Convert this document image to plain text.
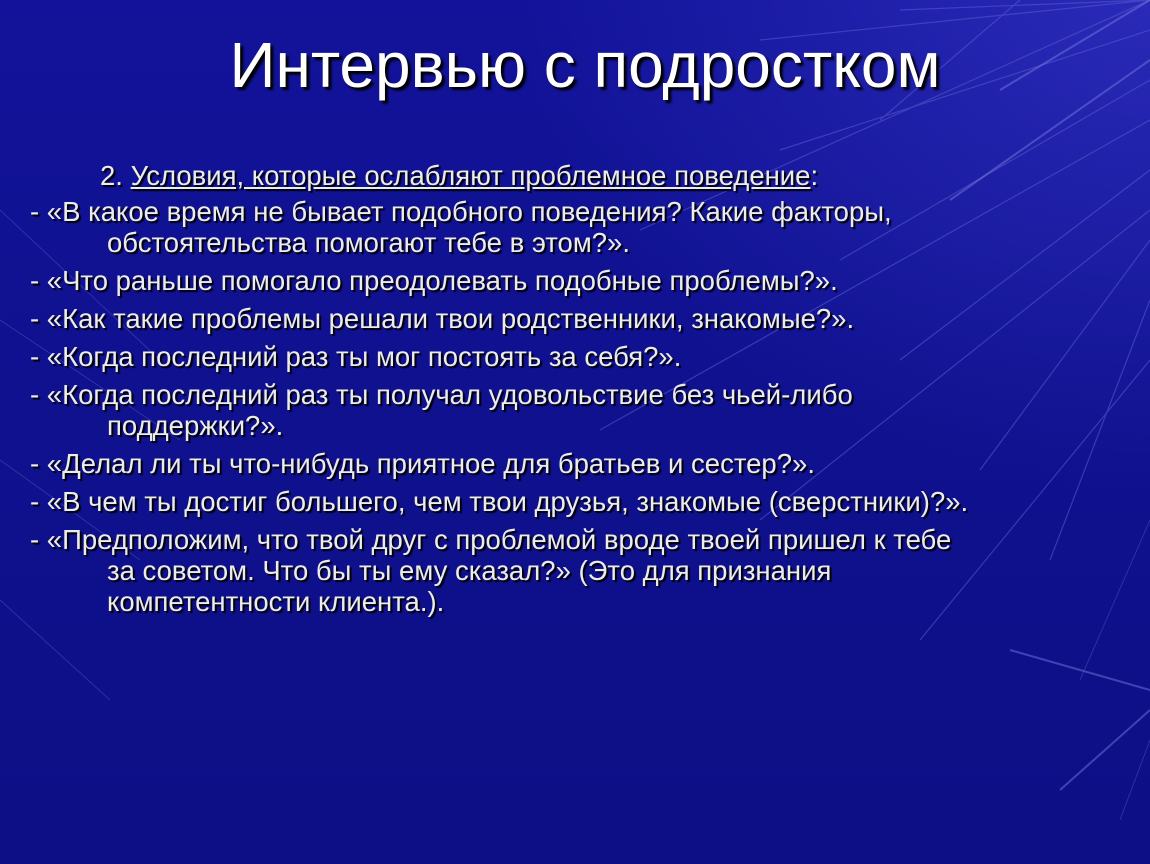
Интервью с подростком
2. Условия, которые ослабляют проблемное поведение:
- «В какое время не бывает подобного поведения? Какие факторы,
обстоятельства помогают тебе в этом?».
- «Что раньше помогало преодолевать подобные проблемы?».
- «Как такие проблемы решали твои родственники, знакомые?».
- «Когда последний раз ты мог постоять за себя?».
- «Когда последний раз ты получал удовольствие без чьей-либо
поддержки?».
- «Делал ли ты что-нибудь приятное для братьев и сестер?».
- «В чем ты достиг большего, чем твои друзья, знакомые (сверстники)?».
- «Предположим, что твой друг с проблемой вроде твоей пришел к тебе
за советом. Что бы ты ему сказал?» (Это для признания
компетентности клиента.).
